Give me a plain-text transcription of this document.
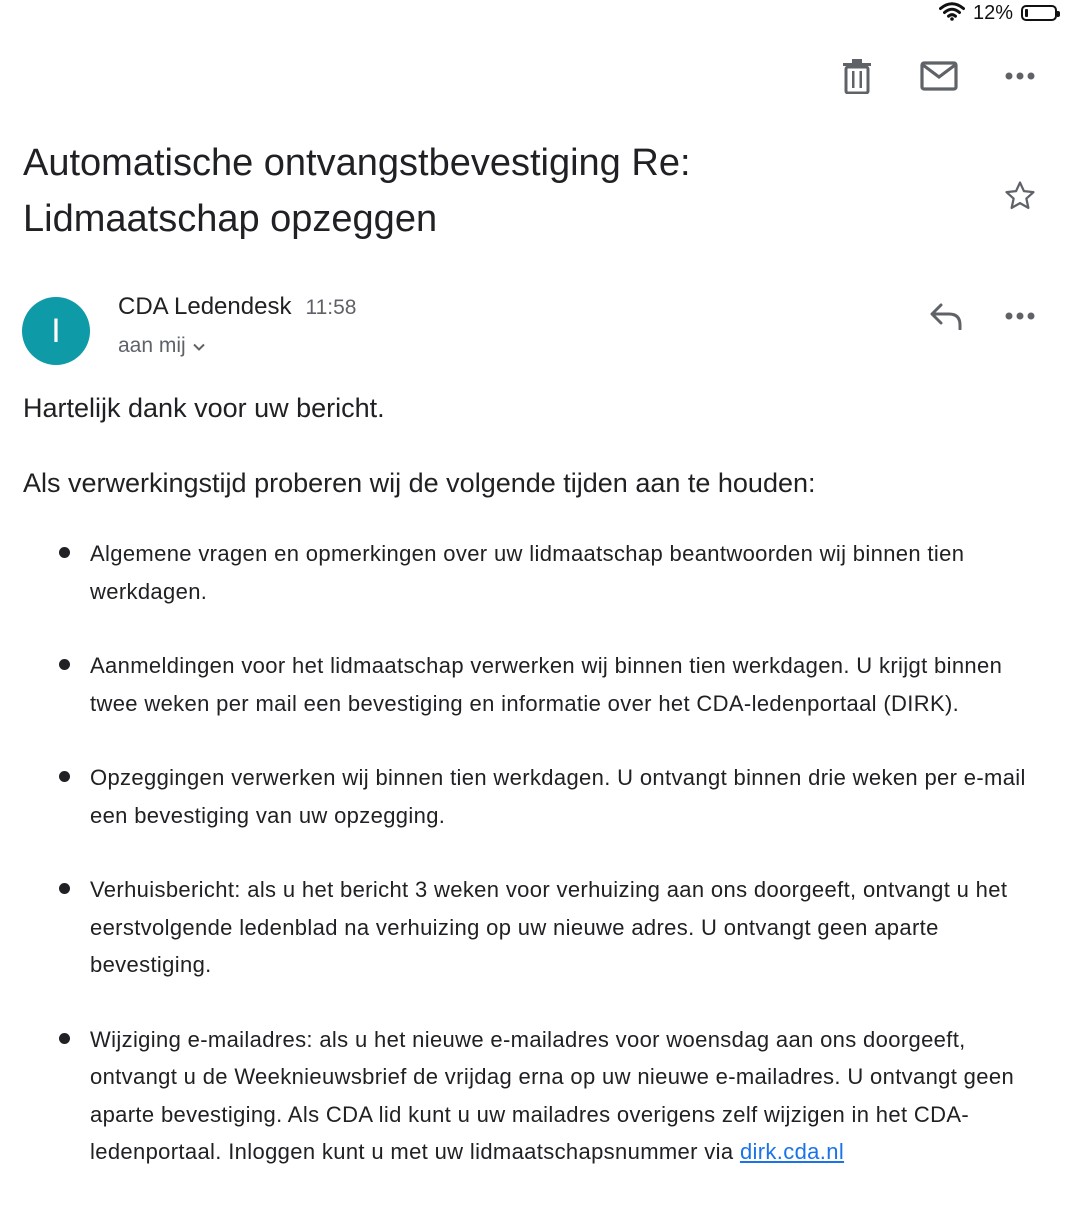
12%
Automatische ontvangstbevestiging Re: Lidmaatschap opzeggen
I
CDA Ledendesk 11:58
aan mij

Hartelijk dank voor uw bericht.

Als verwerkingstijd proberen wij de volgende tijden aan te houden:

Algemene vragen en opmerkingen over uw lidmaatschap beantwoorden wij binnen tien werkdagen.
Aanmeldingen voor het lidmaatschap verwerken wij binnen tien werkdagen. U krijgt binnen twee weken per mail een bevestiging en informatie over het CDA-ledenportaal (DIRK).
Opzeggingen verwerken wij binnen tien werkdagen. U ontvangt binnen drie weken per e-mail een bevestiging van uw opzegging.
Verhuisbericht: als u het bericht 3 weken voor verhuizing aan ons doorgeeft, ontvangt u het eerstvolgende ledenblad na verhuizing op uw nieuwe adres. U ontvangt geen aparte bevestiging.
Wijziging e-mailadres: als u het nieuwe e-mailadres voor woensdag aan ons doorgeeft, ontvangt u de Weeknieuwsbrief de vrijdag erna op uw nieuwe e-mailadres. U ontvangt geen aparte bevestiging. Als CDA lid kunt u uw mailadres overigens zelf wijzigen in het CDA- ledenportaal. Inloggen kunt u met uw lidmaatschapsnummer via dirk.cda.nl
